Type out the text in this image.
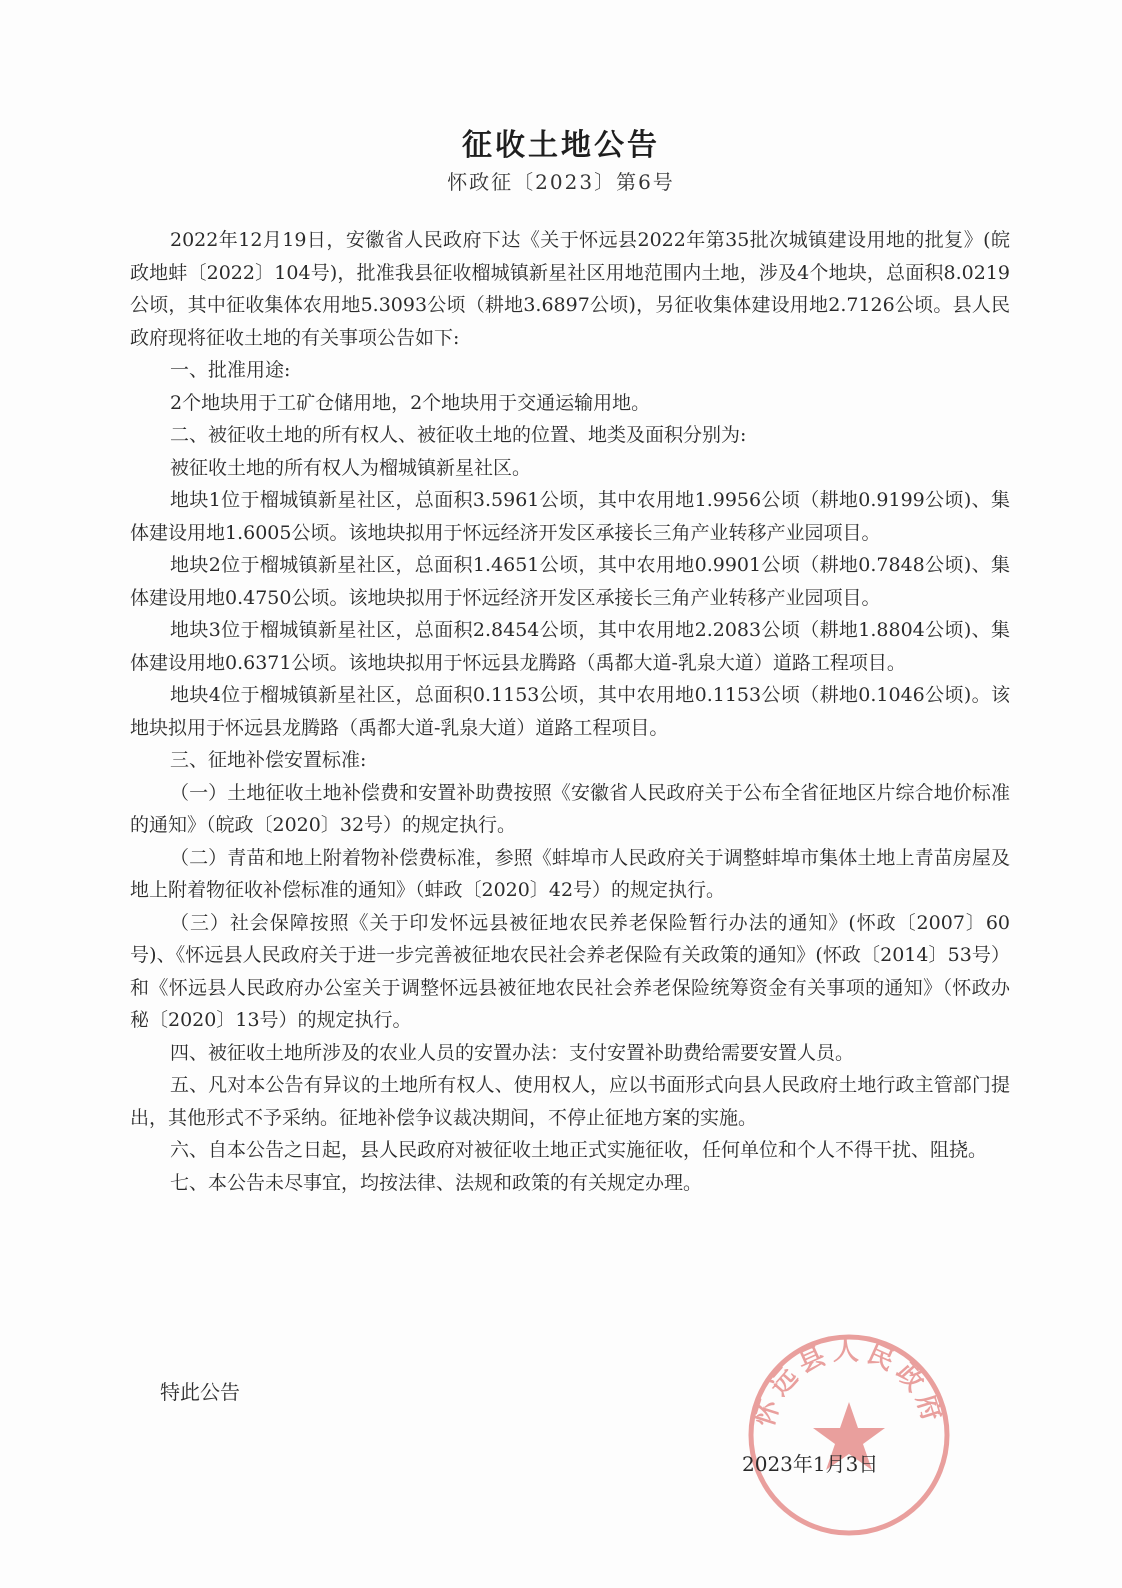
征收土地公告
怀政征〔2023〕第6号

2022年12月19日，安徽省人民政府下达《关于怀远县2022年第35批次城镇建设用地的批复》(皖政地蚌〔2022〕104号)，批准我县征收榴城镇新星社区用地范围内土地，涉及4个地块，总面积8.0219公顷，其中征收集体农用地5.3093公顷（耕地3.6897公顷)，另征收集体建设用地2.7126公顷。县人民政府现将征收土地的有关事项公告如下:

一、批准用途:

2个地块用于工矿仓储用地，2个地块用于交通运输用地。

二、被征收土地的所有权人、被征收土地的位置、地类及面积分别为:

被征收土地的所有权人为榴城镇新星社区。

地块1位于榴城镇新星社区，总面积3.5961公顷，其中农用地1.9956公顷（耕地0.9199公顷)、集体建设用地1.6005公顷。该地块拟用于怀远经济开发区承接长三角产业转移产业园项目。

地块2位于榴城镇新星社区，总面积1.4651公顷，其中农用地0.9901公顷（耕地0.7848公顷)、集体建设用地0.4750公顷。该地块拟用于怀远经济开发区承接长三角产业转移产业园项目。

地块3位于榴城镇新星社区，总面积2.8454公顷，其中农用地2.2083公顷（耕地1.8804公顷)、集体建设用地0.6371公顷。该地块拟用于怀远县龙腾路（禹都大道-乳泉大道）道路工程项目。

地块4位于榴城镇新星社区，总面积0.1153公顷，其中农用地0.1153公顷（耕地0.1046公顷)。该地块拟用于怀远县龙腾路（禹都大道-乳泉大道）道路工程项目。

三、征地补偿安置标准:

（一）土地征收土地补偿费和安置补助费按照《安徽省人民政府关于公布全省征地区片综合地价标准的通知》（皖政〔2020〕32号）的规定执行。

（二）青苗和地上附着物补偿费标准，参照《蚌埠市人民政府关于调整蚌埠市集体土地上青苗房屋及地上附着物征收补偿标准的通知》（蚌政〔2020〕42号）的规定执行。

（三）社会保障按照《关于印发怀远县被征地农民养老保险暂行办法的通知》(怀政〔2007〕60号)、《怀远县人民政府关于进一步完善被征地农民社会养老保险有关政策的通知》(怀政〔2014〕53号）和《怀远县人民政府办公室关于调整怀远县被征地农民社会养老保险统筹资金有关事项的通知》（怀政办秘〔2020〕13号）的规定执行。

四、被征收土地所涉及的农业人员的安置办法：支付安置补助费给需要安置人员。

五、凡对本公告有异议的土地所有权人、使用权人，应以书面形式向县人民政府土地行政主管部门提出，其他形式不予采纳。征地补偿争议裁决期间，不停止征地方案的实施。

六、自本公告之日起，县人民政府对被征收土地正式实施征收，任何单位和个人不得干扰、阻挠。

七、本公告未尽事宜，均按法律、法规和政策的有关规定办理。

特此公告	怀远县人民政府
2023年1月3日
